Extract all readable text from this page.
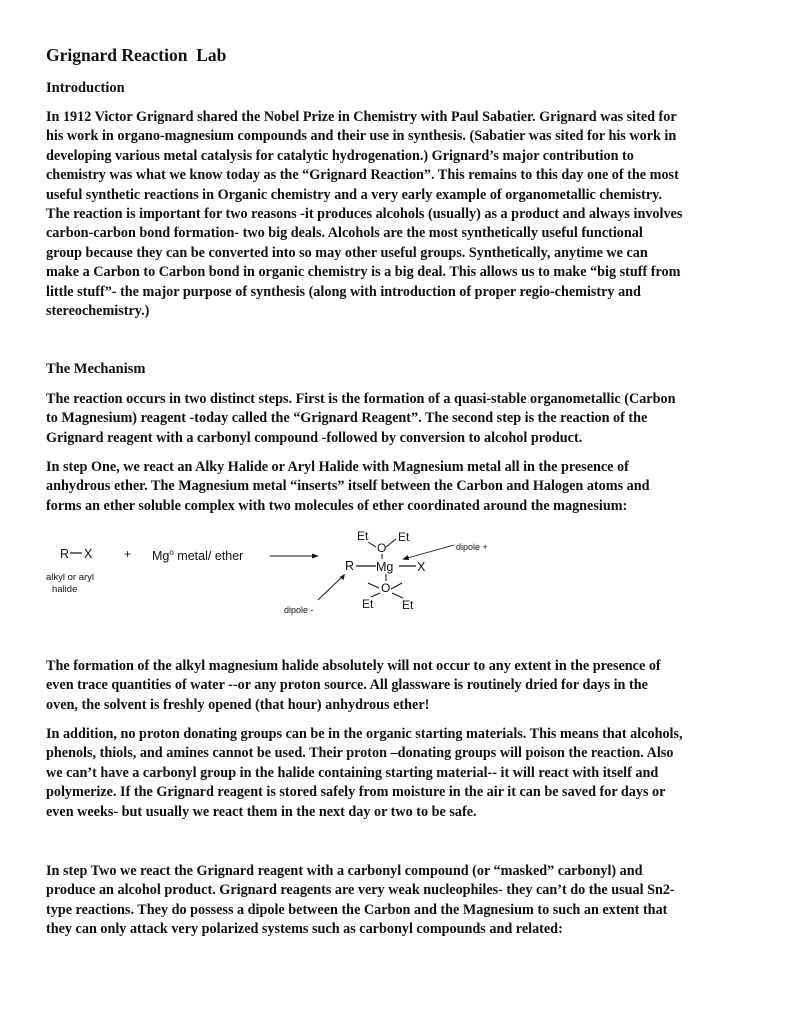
Grignard Reaction  Lab
Introduction
In 1912 Victor Grignard shared the Nobel Prize in Chemistry with Paul Sabatier. Grignard was sited for
his work in organo-magnesium compounds and their use in synthesis. (Sabatier was sited for his work in
developing various metal catalysis for catalytic hydrogenation.) Grignard’s major contribution to
chemistry was what we know today as the “Grignard Reaction”. This remains to this day one of the most
useful synthetic reactions in Organic chemistry and a very early example of organometallic chemistry.
The reaction is important for two reasons -it produces alcohols (usually) as a product and always involves
carbon-carbon bond formation- two big deals. Alcohols are the most synthetically useful functional
group because they can be converted into so may other useful groups. Synthetically, anytime we can
make a Carbon to Carbon bond in organic chemistry is a big deal. This allows us to make “big stuff from
little stuff”- the major purpose of synthesis (along with introduction of proper regio-chemistry and
stereochemistry.)
The Mechanism
The reaction occurs in two distinct steps. First is the formation of a quasi-stable organometallic (Carbon
to Magnesium) reagent -today called the “Grignard Reagent”. The second step is the reaction of the
Grignard reagent with a carbonyl compound -followed by conversion to alcohol product.
In step One, we react an Alky Halide or Aryl Halide with Magnesium metal all in the presence of
anhydrous ether. The Magnesium metal “inserts” itself between the Carbon and Halogen atoms and
forms an ether soluble complex with two molecules of ether coordinated around the magnesium:
R X
alkyl or aryl
halide
+ $Mg^o$ metal/ ether
Et
O
Et
R Mg X
O
Et Et
dipole +
dipole -
The formation of the alkyl magnesium halide absolutely will not occur to any extent in the presence of
even trace quantities of water --or any proton source. All glassware is routinely dried for days in the
oven, the solvent is freshly opened (that hour) anhydrous ether!
In addition, no proton donating groups can be in the organic starting materials. This means that alcohols,
phenols, thiols, and amines cannot be used. Their proton –donating groups will poison the reaction. Also
we can’t have a carbonyl group in the halide containing starting material-- it will react with itself and
polymerize. If the Grignard reagent is stored safely from moisture in the air it can be saved for days or
even weeks- but usually we react them in the next day or two to be safe.
In step Two we react the Grignard reagent with a carbonyl compound (or “masked” carbonyl) and
produce an alcohol product. Grignard reagents are very weak nucleophiles- they can’t do the usual Sn2-
type reactions. They do possess a dipole between the Carbon and the Magnesium to such an extent that
they can only attack very polarized systems such as carbonyl compounds and related:
